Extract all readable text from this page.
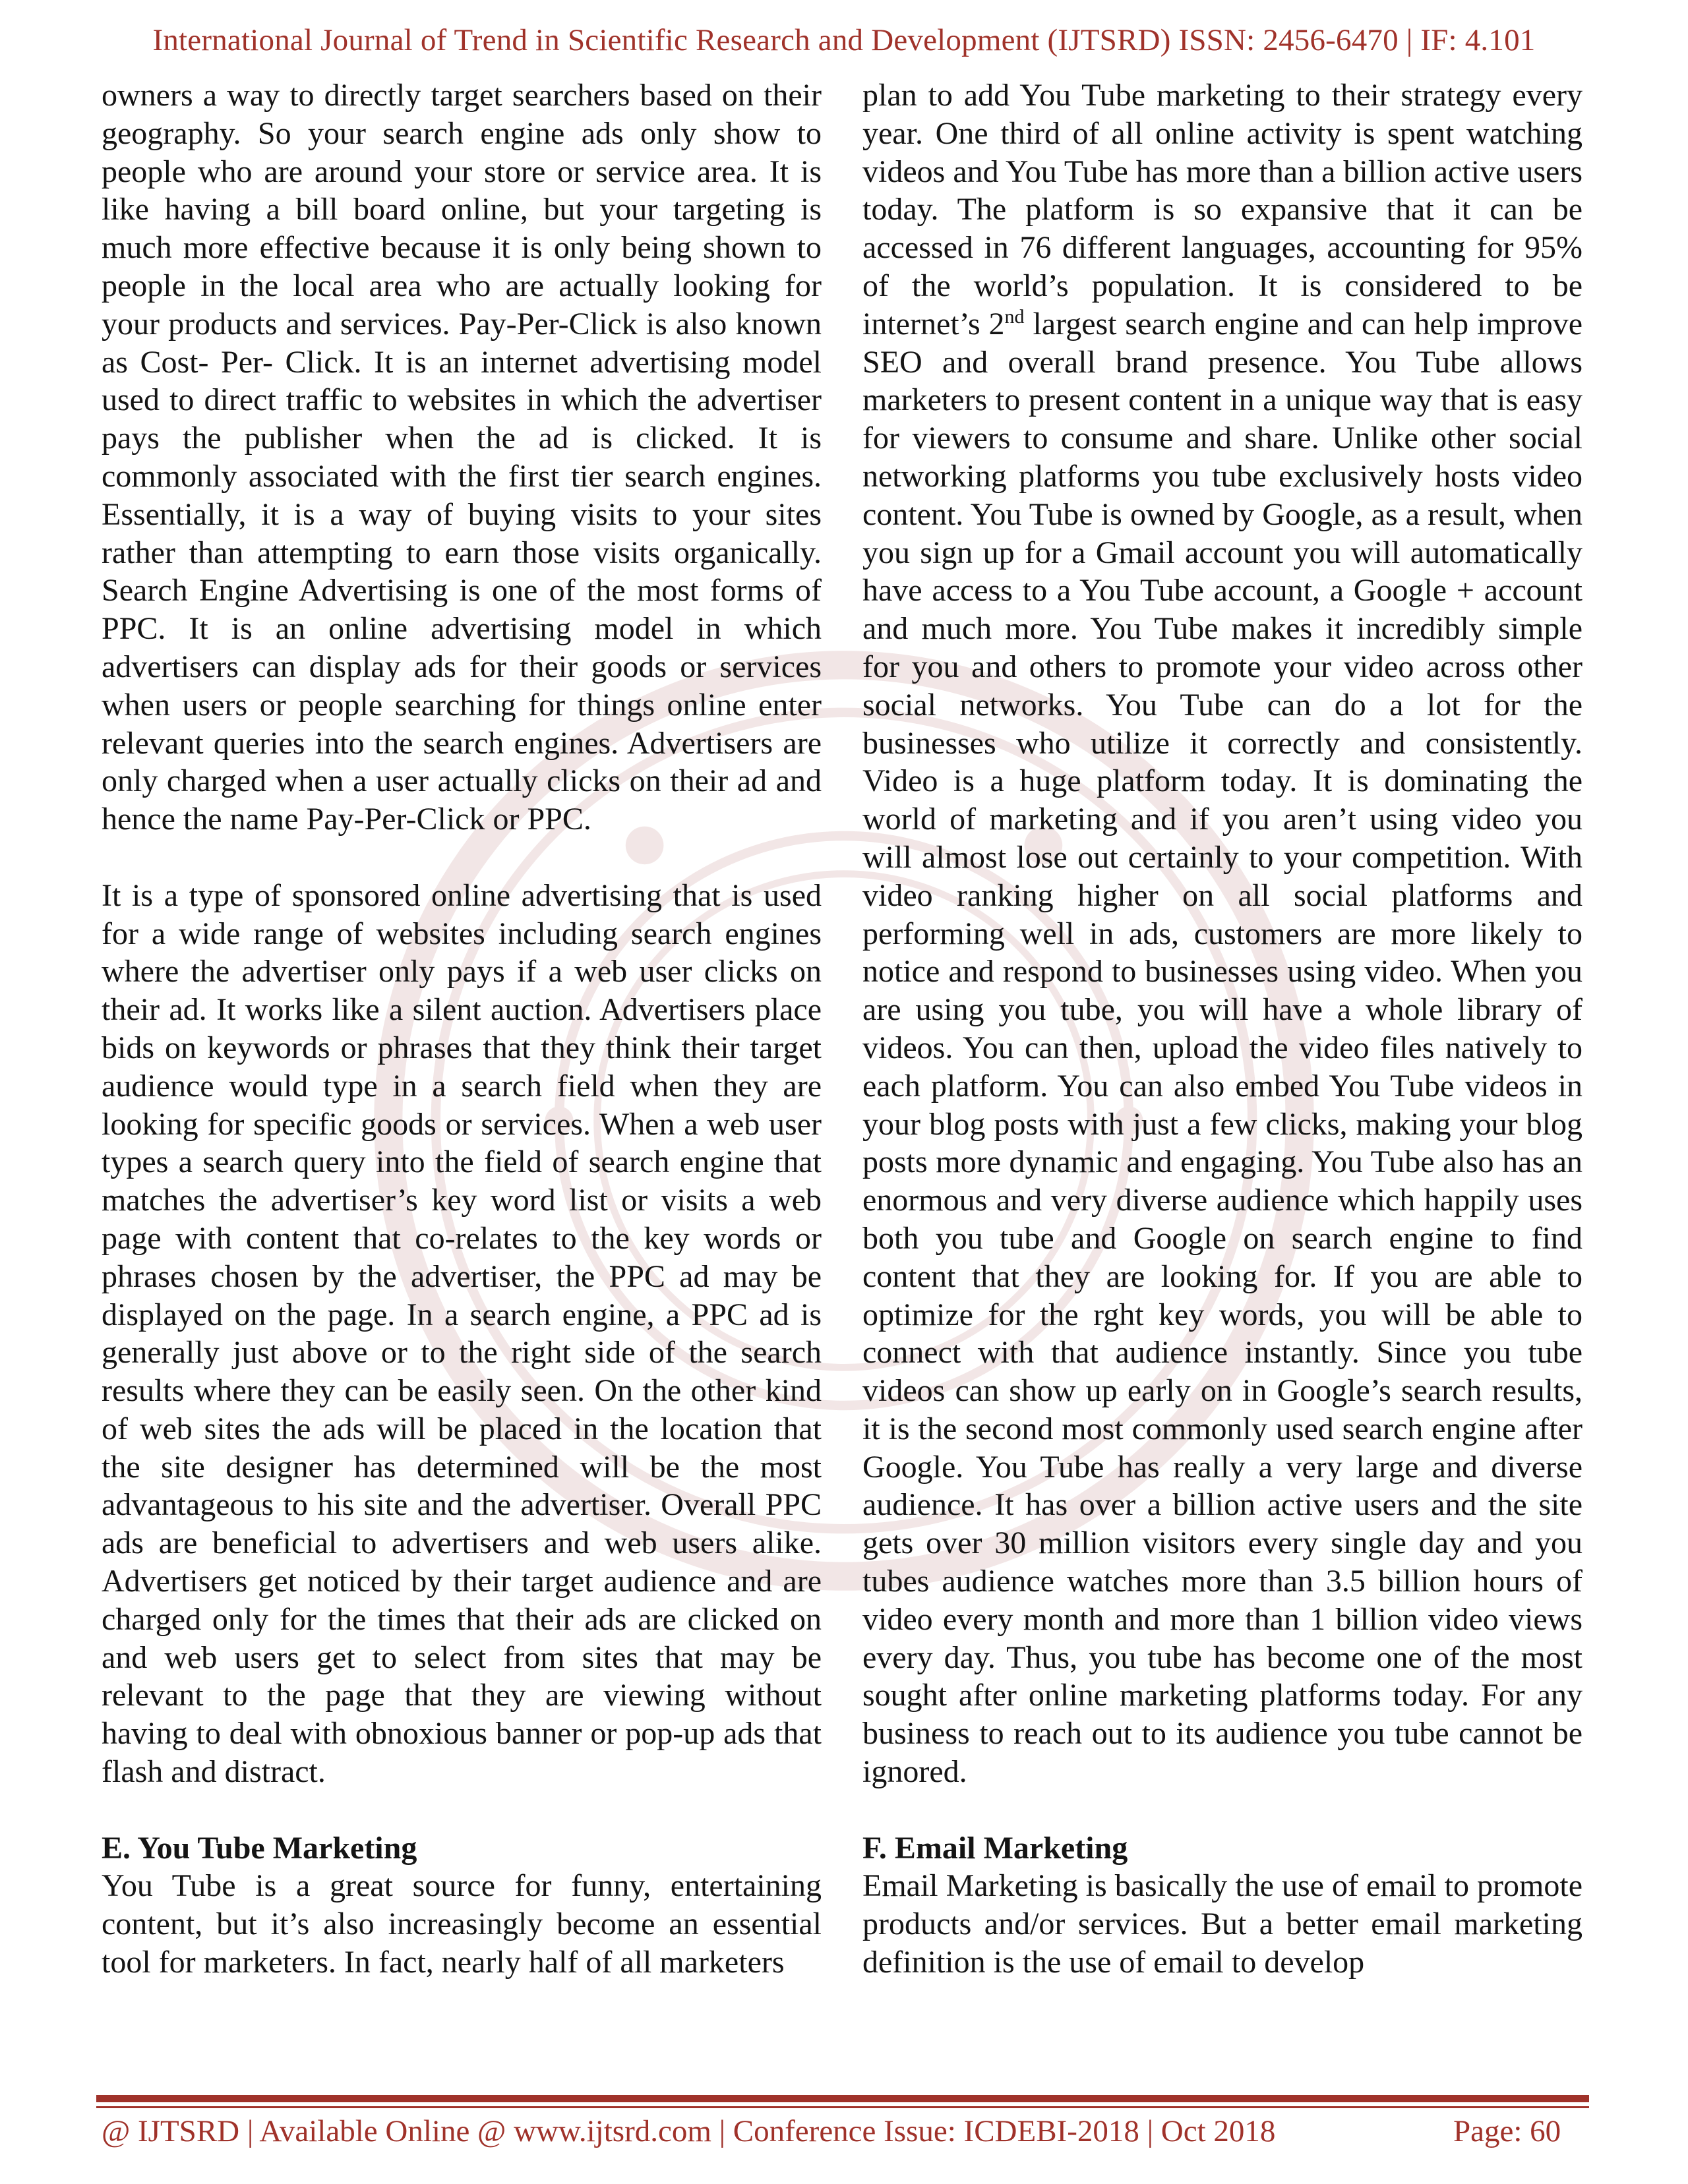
International Journal of Trend in Scientific Research and Development (IJTSRD) ISSN: 2456-6470 | IF: 4.101

owners a way to directly target searchers based on their geography. So your search engine ads only show to people who are around your store or service area. It is like having a bill board online, but your targeting is much more effective because it is only being shown to people in the local area who are actually looking for your products and services. Pay-Per-Click is also known as Cost- Per- Click. It is an internet advertising model used to direct traffic to websites in which the advertiser pays the publisher when the ad is clicked. It is commonly associated with the first tier search engines. Essentially, it is a way of buying visits to your sites rather than attempting to earn those visits organically. Search Engine Advertising is one of the most forms of PPC. It is an online advertising model in which advertisers can display ads for their goods or services when users or people searching for things online enter relevant queries into the search engines. Advertisers are only charged when a user actually clicks on their ad and hence the name Pay-Per-Click or PPC.

It is a type of sponsored online advertising that is used for a wide range of websites including search engines where the advertiser only pays if a web user clicks on their ad. It works like a silent auction. Advertisers place bids on keywords or phrases that they think their target audience would type in a search field when they are looking for specific goods or services. When a web user types a search query into the field of search engine that matches the advertiser’s key word list or visits a web page with content that co-relates to the key words or phrases chosen by the advertiser, the PPC ad may be displayed on the page. In a search engine, a PPC ad is generally just above or to the right side of the search results where they can be easily seen. On the other kind of web sites the ads will be placed in the location that the site designer has determined will be the most advantageous to his site and the advertiser. Overall PPC ads are beneficial to advertisers and web users alike. Advertisers get noticed by their target audience and are charged only for the times that their ads are clicked on and web users get to select from sites that may be relevant to the page that they are viewing without having to deal with obnoxious banner or pop-up ads that flash and distract.

E. You Tube Marketing

You Tube is a great source for funny, entertaining content, but it’s also increasingly become an essential tool for marketers. In fact, nearly half of all marketers

plan to add You Tube marketing to their strategy every year. One third of all online activity is spent watching videos and You Tube has more than a billion active users today. The platform is so expansive that it can be accessed in 76 different languages, accounting for 95% of the world’s population. It is considered to be internet’s 2nd largest search engine and can help improve SEO and overall brand presence. You Tube allows marketers to present content in a unique way that is easy for viewers to consume and share. Unlike other social networking platforms you tube exclusively hosts video content. You Tube is owned by Google, as a result, when you sign up for a Gmail account you will automatically have access to a You Tube account, a Google + account and much more. You Tube makes it incredibly simple for you and others to promote your video across other social networks. You Tube can do a lot for the businesses who utilize it correctly and consistently. Video is a huge platform today. It is dominating the world of marketing and if you aren’t using video you will almost lose out certainly to your competition. With video ranking higher on all social platforms and performing well in ads, customers are more likely to notice and respond to businesses using video. When you are using you tube, you will have a whole library of videos. You can then, upload the video files natively to each platform. You can also embed You Tube videos in your blog posts with just a few clicks, making your blog posts more dynamic and engaging. You Tube also has an enormous and very diverse audience which happily uses both you tube and Google on search engine to find content that they are looking for. If you are able to optimize for the rght key words, you will be able to connect with that audience instantly. Since you tube videos can show up early on in Google’s search results, it is the second most commonly used search engine after Google. You Tube has really a very large and diverse audience. It has over a billion active users and the site gets over 30 million visitors every single day and you tubes audience watches more than 3.5 billion hours of video every month and more than 1 billion video views every day. Thus, you tube has become one of the most sought after online marketing platforms today. For any business to reach out to its audience you tube cannot be ignored.

F. Email Marketing

Email Marketing is basically the use of email to promote products and/or services. But a better email marketing definition is the use of email to develop

@ IJTSRD | Available Online @ www.ijtsrd.com | Conference Issue: ICDEBI-2018 | Oct 2018	Page: 60
